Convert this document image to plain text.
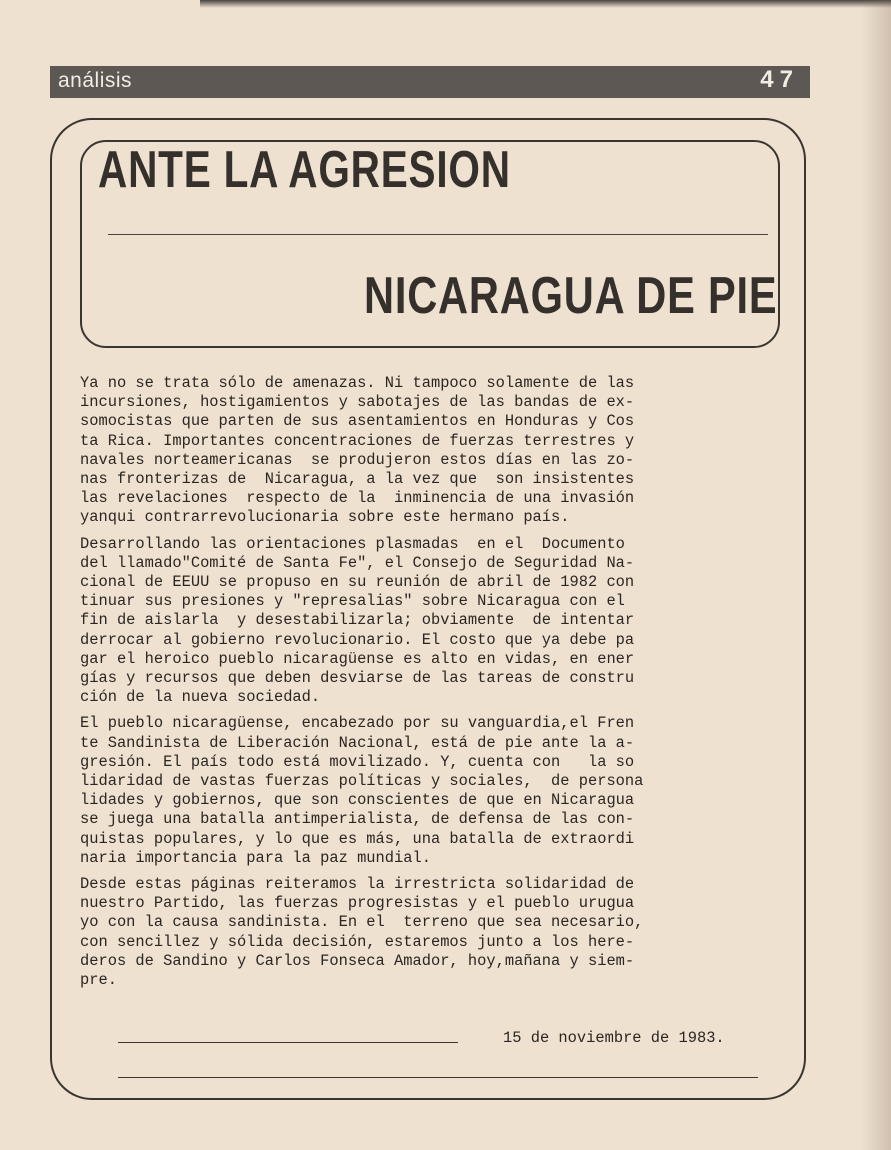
análisis	47
ANTE LA AGRESION
NICARAGUA DE PIE

Ya no se trata sólo de amenazas. Ni tampoco solamente de las
incursiones, hostigamientos y sabotajes de las bandas de ex-
somocistas que parten de sus asentamientos en Honduras y Cos
ta Rica. Importantes concentraciones de fuerzas terrestres y
navales norteamericanas  se produjeron estos días en las zo-
nas fronterizas de  Nicaragua, a la vez que  son insistentes
las revelaciones  respecto de la  inminencia de una invasión
yanqui contrarrevolucionaria sobre este hermano país.

Desarrollando las orientaciones plasmadas  en el  Documento
del llamado"Comité de Santa Fe", el Consejo de Seguridad Na-
cional de EEUU se propuso en su reunión de abril de 1982 con
tinuar sus presiones y "represalias" sobre Nicaragua con el
fin de aislarla  y desestabilizarla; obviamente  de intentar
derrocar al gobierno revolucionario. El costo que ya debe pa
gar el heroico pueblo nicaragüense es alto en vidas, en ener
gías y recursos que deben desviarse de las tareas de constru
ción de la nueva sociedad.

El pueblo nicaragüense, encabezado por su vanguardia,el Fren
te Sandinista de Liberación Nacional, está de pie ante la a-
gresión. El país todo está movilizado. Y, cuenta con   la so
lidaridad de vastas fuerzas políticas y sociales,  de persona
lidades y gobiernos, que son conscientes de que en Nicaragua
se juega una batalla antimperialista, de defensa de las con-
quistas populares, y lo que es más, una batalla de extraordi
naria importancia para la paz mundial.

Desde estas páginas reiteramos la irrestricta solidaridad de
nuestro Partido, las fuerzas progresistas y el pueblo urugua
yo con la causa sandinista. En el  terreno que sea necesario,
con sencillez y sólida decisión, estaremos junto a los here-
deros de Sandino y Carlos Fonseca Amador, hoy,mañana y siem-
pre.

15 de noviembre de 1983.
